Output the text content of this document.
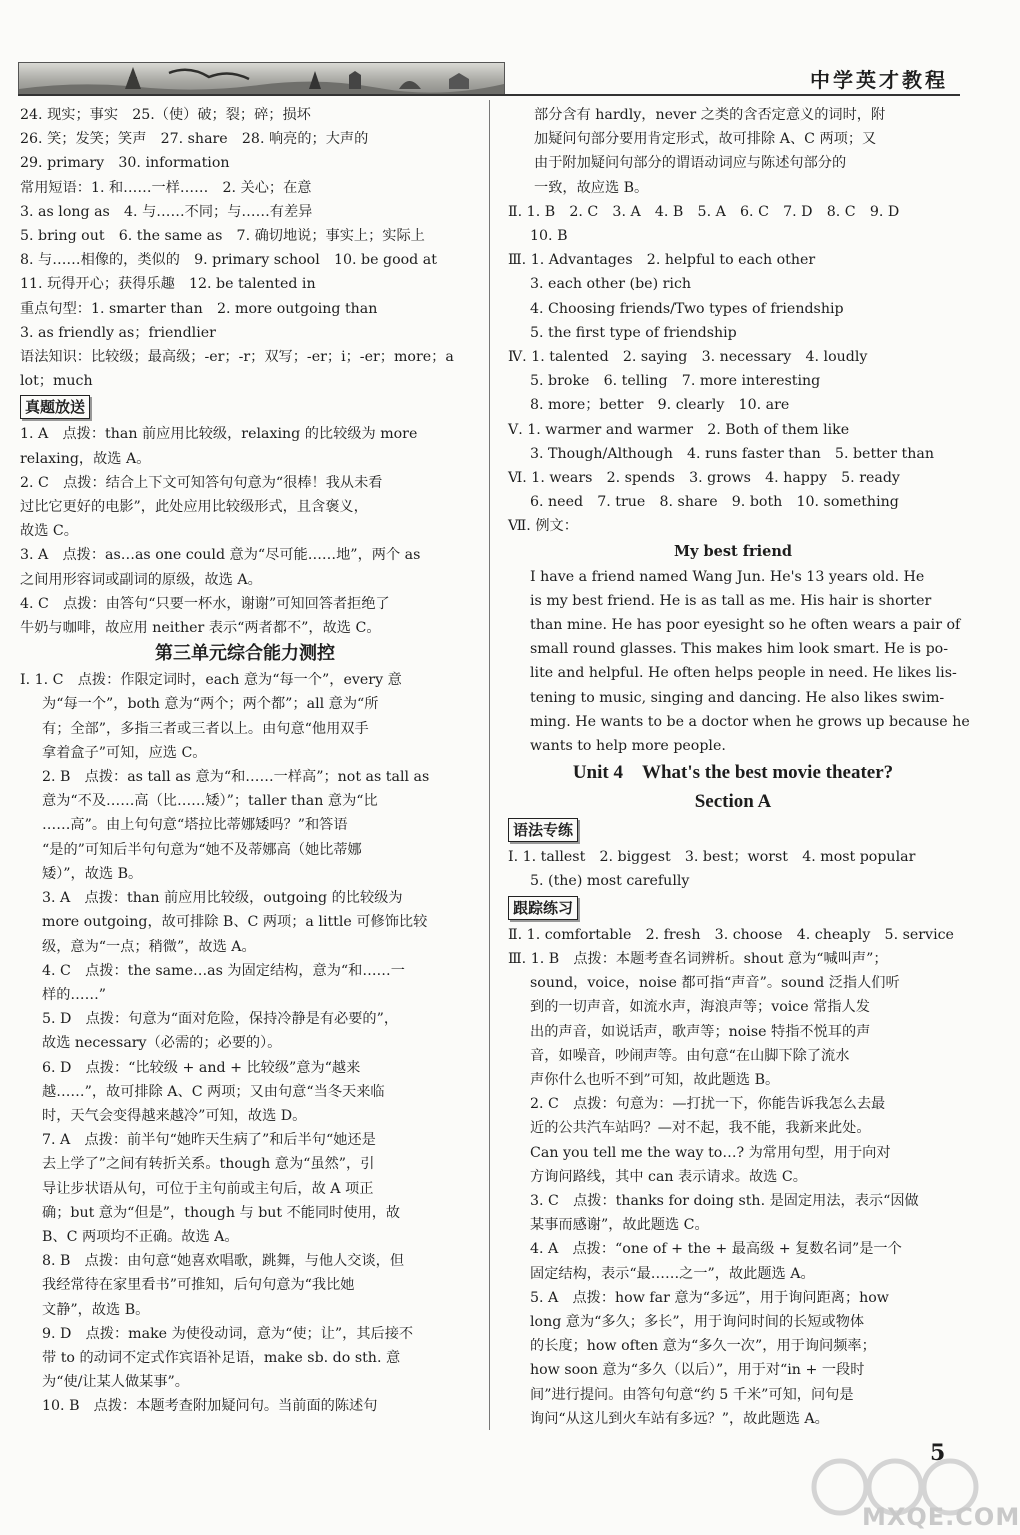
中学英才教程
24. 现实；事实　25.（使）破；裂；碎；损坏
26. 笑；发笑；笑声　27. share　28. 响亮的；大声的
29. primary　30. information
常用短语：1. 和……一样……　2. 关心；在意
3. as long as　4. 与……不同；与……有差异
5. bring out　6. the same as　7. 确切地说；事实上；实际上
8. 与……相像的，类似的　9. primary school　10. be good at
11. 玩得开心；获得乐趣　12. be talented in
重点句型：1. smarter than　2. more outgoing than
3. as friendly as；friendlier
语法知识：比较级；最高级；-er；-r；双写；-er；i；-er；more；a
lot；much
真题放送
1. A　点拨：than 前应用比较级，relaxing 的比较级为 more
relaxing，故选 A。
2. C　点拨：结合上下文可知答句句意为“很棒！我从未看
过比它更好的电影”，此处应用比较级形式，且含褒义，
故选 C。
3. A　点拨：as…as one could 意为“尽可能……地”，两个 as
之间用形容词或副词的原级，故选 A。
4. C　点拨：由答句“只要一杯水，谢谢”可知回答者拒绝了
牛奶与咖啡，故应用 neither 表示“两者都不”，故选 C。
第三单元综合能力测控
Ⅰ. 1. C　点拨：作限定词时，each 意为“每一个”，every 意
为“每一个”，both 意为“两个；两个都”；all 意为“所
有；全部”，多指三者或三者以上。由句意“他用双手
拿着盒子”可知，应选 C。
2. B　点拨：as tall as 意为“和……一样高”；not as tall as
意为“不及……高（比……矮）”；taller than 意为“比
……高”。由上句句意“塔拉比蒂娜矮吗？”和答语
“是的”可知后半句句意为“她不及蒂娜高（她比蒂娜
矮）”，故选 B。
3. A　点拨：than 前应用比较级，outgoing 的比较级为
more outgoing，故可排除 B、C 两项；a little 可修饰比较
级，意为“一点；稍微”，故选 A。
4. C　点拨：the same…as 为固定结构，意为“和……一
样的……”
5. D　点拨：句意为“面对危险，保持冷静是有必要的”，
故选 necessary（必需的；必要的）。
6. D　点拨：“比较级 + and + 比较级”意为“越来
越……”，故可排除 A、C 两项；又由句意“当冬天来临
时，天气会变得越来越冷”可知，故选 D。
7. A　点拨：前半句“她昨天生病了”和后半句“她还是
去上学了”之间有转折关系。though 意为“虽然”，引
导让步状语从句，可位于主句前或主句后，故 A 项正
确；but 意为“但是”，though 与 but 不能同时使用，故
B、C 两项均不正确。故选 A。
8. B　点拨：由句意“她喜欢唱歌，跳舞，与他人交谈，但
我经常待在家里看书”可推知，后句句意为“我比她
文静”，故选 B。
9. D　点拨：make 为使役动词，意为“使；让”，其后接不
带 to 的动词不定式作宾语补足语，make sb. do sth. 意
为“使/让某人做某事”。
10. B　点拨：本题考查附加疑问句。当前面的陈述句
部分含有 hardly，never 之类的含否定意义的词时，附
加疑问句部分要用肯定形式，故可排除 A、C 两项；又
由于附加疑问句部分的谓语动词应与陈述句部分的
一致，故应选 B。
Ⅱ. 1. B　2. C　3. A　4. B　5. A　6. C　7. D　8. C　9. D
10. B
Ⅲ. 1. Advantages　2. helpful to each other
3. each other (be) rich
4. Choosing friends/Two types of friendship
5. the first type of friendship
Ⅳ. 1. talented　2. saying　3. necessary　4. loudly
5. broke　6. telling　7. more interesting
8. more；better　9. clearly　10. are
Ⅴ. 1. warmer and warmer　2. Both of them like
3. Though/Although　4. runs faster than　5. better than
Ⅵ. 1. wears　2. spends　3. grows　4. happy　5. ready
6. need　7. true　8. share　9. both　10. something
Ⅶ. 例文：
My best friend
I have a friend named Wang Jun. He's 13 years old. He
is my best friend. He is as tall as me. His hair is shorter
than mine. He has poor eyesight so he often wears a pair of
small round glasses. This makes him look smart. He is po-
lite and helpful. He often helps people in need. He likes lis-
tening to music, singing and dancing. He also likes swim-
ming. He wants to be a doctor when he grows up because he
wants to help more people.
Unit 4　What's the best movie theater?
Section A
语法专练
Ⅰ. 1. tallest　2. biggest　3. best；worst　4. most popular
5. (the) most carefully
跟踪练习
Ⅱ. 1. comfortable　2. fresh　3. choose　4. cheaply　5. service
Ⅲ. 1. B　点拨：本题考查名词辨析。shout 意为“喊叫声”；
sound，voice，noise 都可指“声音”。sound 泛指人们听
到的一切声音，如流水声，海浪声等；voice 常指人发
出的声音，如说话声，歌声等；noise 特指不悦耳的声
音，如噪音，吵闹声等。由句意“在山脚下除了流水
声你什么也听不到”可知，故此题选 B。
2. C　点拨：句意为：—打扰一下，你能告诉我怎么去最
近的公共汽车站吗？—对不起，我不能，我新来此处。
Can you tell me the way to…? 为常用句型，用于向对
方询问路线，其中 can 表示请求。故选 C。
3. C　点拨：thanks for doing sth. 是固定用法，表示“因做
某事而感谢”，故此题选 C。
4. A　点拨：“one of + the + 最高级 + 复数名词”是一个
固定结构，表示“最……之一”，故此题选 A。
5. A　点拨：how far 意为“多远”，用于询问距离；how
long 意为“多久；多长”，用于询问时间的长短或物体
的长度；how often 意为“多久一次”，用于询问频率；
how soon 意为“多久（以后）”，用于对“in + 一段时
间”进行提问。由答句句意“约 5 千米”可知，问句是
询问“从这儿到火车站有多远？”，故此题选 A。
5
MXQE.COM
